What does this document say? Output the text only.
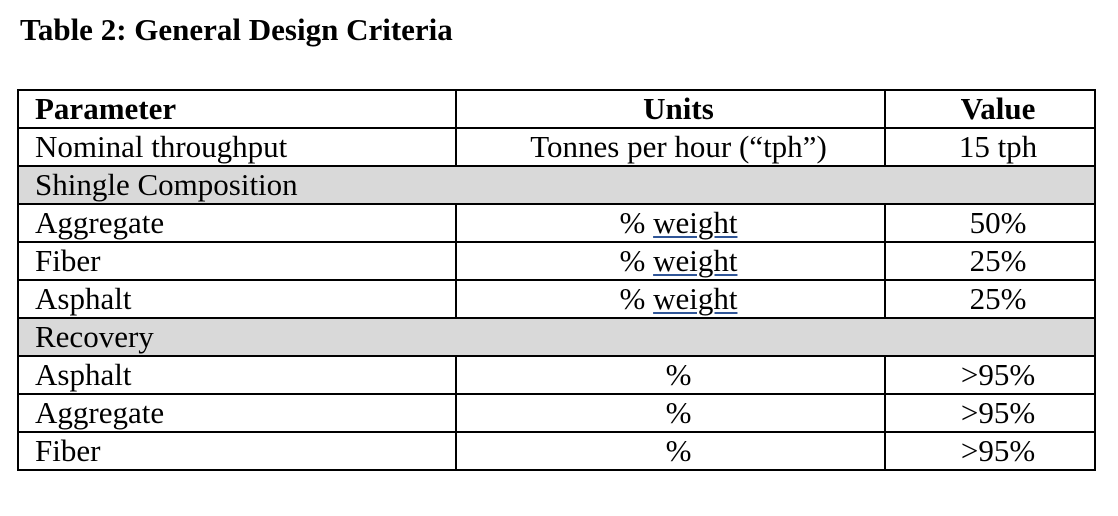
Table 2: General Design Criteria
Parameter	Units	Value
Nominal throughput	Tonnes per hour (“tph”)	15 tph
Shingle Composition		
Aggregate	% weight	50%
Fiber	% weight	25%
Asphalt	% weight	25%
Recovery		
Asphalt	%	>95%
Aggregate	%	>95%
Fiber	%	>95%
